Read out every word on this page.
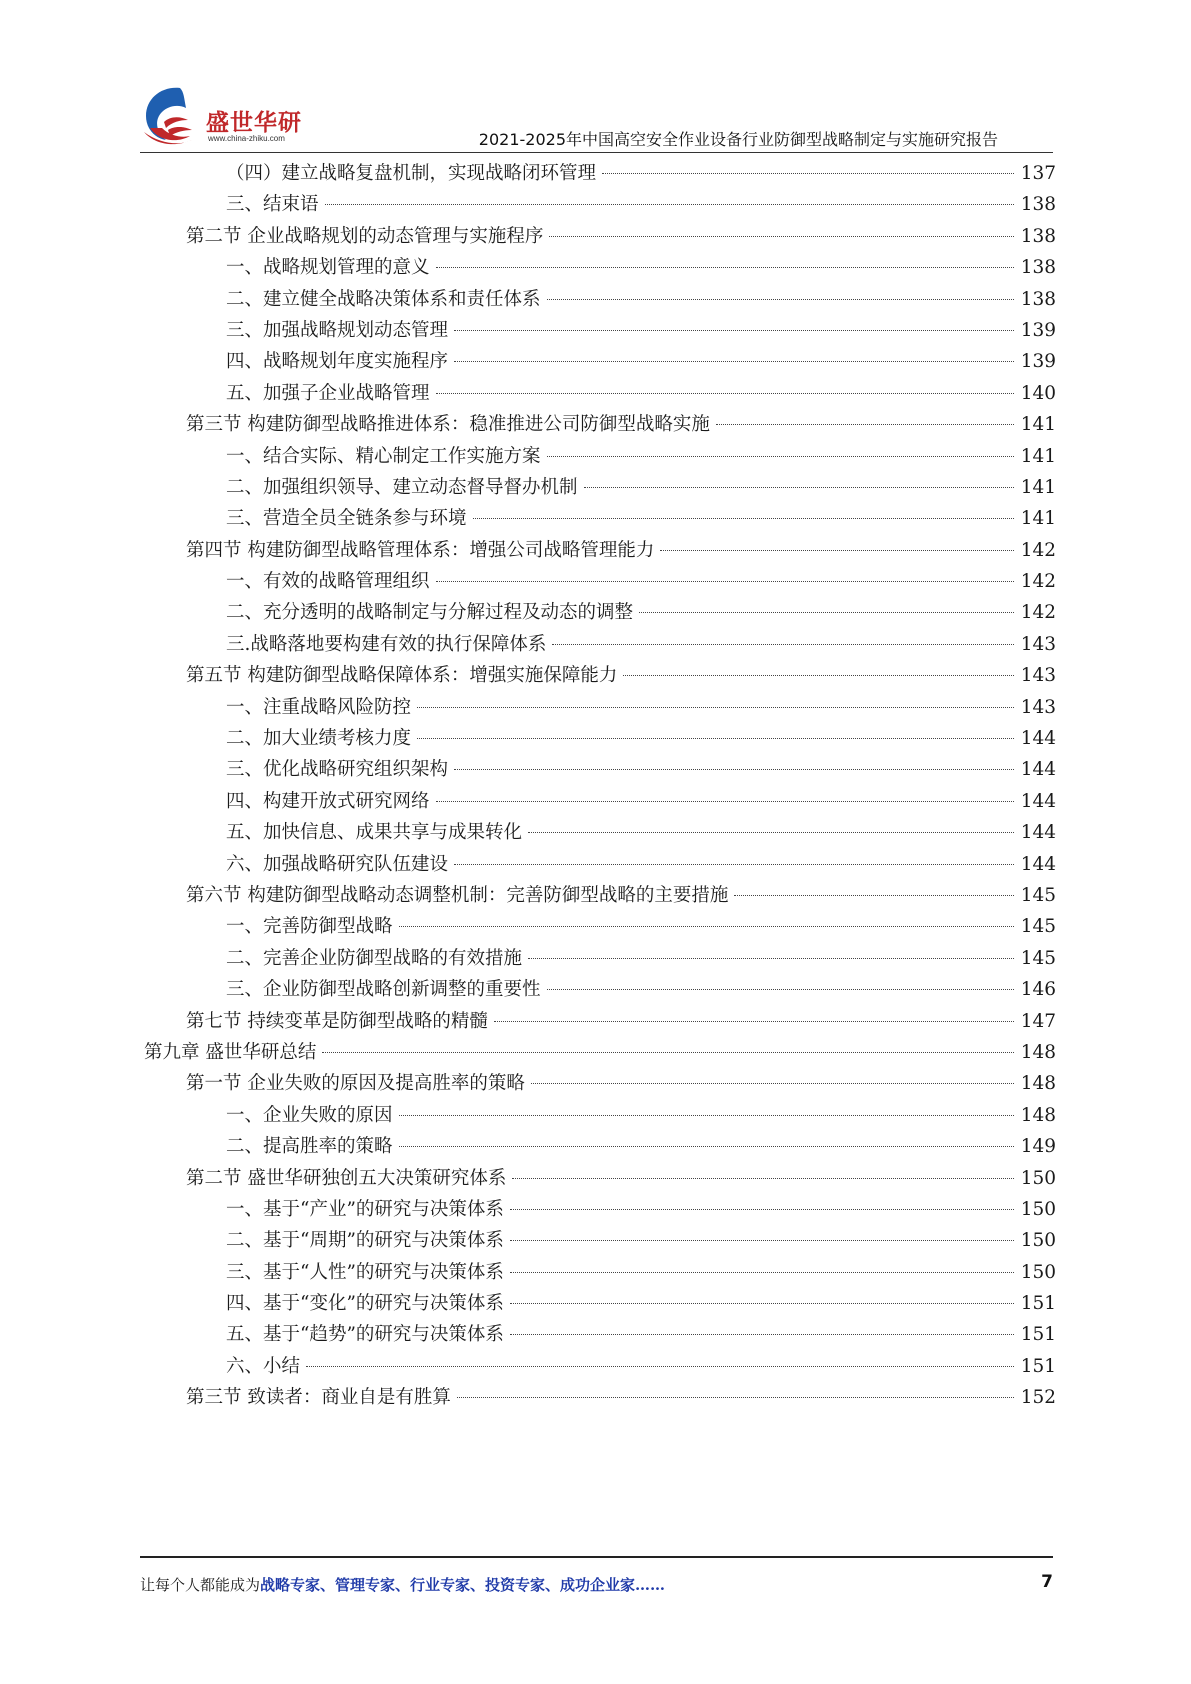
盛世华研
www.china-zhiku.com	2021-2025年中国高空安全作业设备行业防御型战略制定与实施研究报告
（四）建立战略复盘机制，实现战略闭环管理	137
三、结束语	138
第二节 企业战略规划的动态管理与实施程序	138
一、战略规划管理的意义	138
二、建立健全战略决策体系和责任体系	138
三、加强战略规划动态管理	139
四、战略规划年度实施程序	139
五、加强子企业战略管理	140
第三节 构建防御型战略推进体系：稳准推进公司防御型战略实施	141
一、结合实际、精心制定工作实施方案	141
二、加强组织领导、建立动态督导督办机制	141
三、营造全员全链条参与环境	141
第四节 构建防御型战略管理体系：增强公司战略管理能力	142
一、有效的战略管理组织	142
二、充分透明的战略制定与分解过程及动态的调整	142
三.战略落地要构建有效的执行保障体系	143
第五节 构建防御型战略保障体系：增强实施保障能力	143
一、注重战略风险防控	143
二、加大业绩考核力度	144
三、优化战略研究组织架构	144
四、构建开放式研究网络	144
五、加快信息、成果共享与成果转化	144
六、加强战略研究队伍建设	144
第六节 构建防御型战略动态调整机制：完善防御型战略的主要措施	145
一、完善防御型战略	145
二、完善企业防御型战略的有效措施	145
三、企业防御型战略创新调整的重要性	146
第七节 持续变革是防御型战略的精髓	147
第九章 盛世华研总结	148
第一节 企业失败的原因及提高胜率的策略	148
一、企业失败的原因	148
二、提高胜率的策略	149
第二节 盛世华研独创五大决策研究体系	150
一、基于“产业”的研究与决策体系	150
二、基于“周期”的研究与决策体系	150
三、基于“人性”的研究与决策体系	150
四、基于“变化”的研究与决策体系	151
五、基于“趋势”的研究与决策体系	151
六、小结	151
第三节 致读者：商业自是有胜算	152
让每个人都能成为战略专家、管理专家、行业专家、投资专家、成功企业家……	7
